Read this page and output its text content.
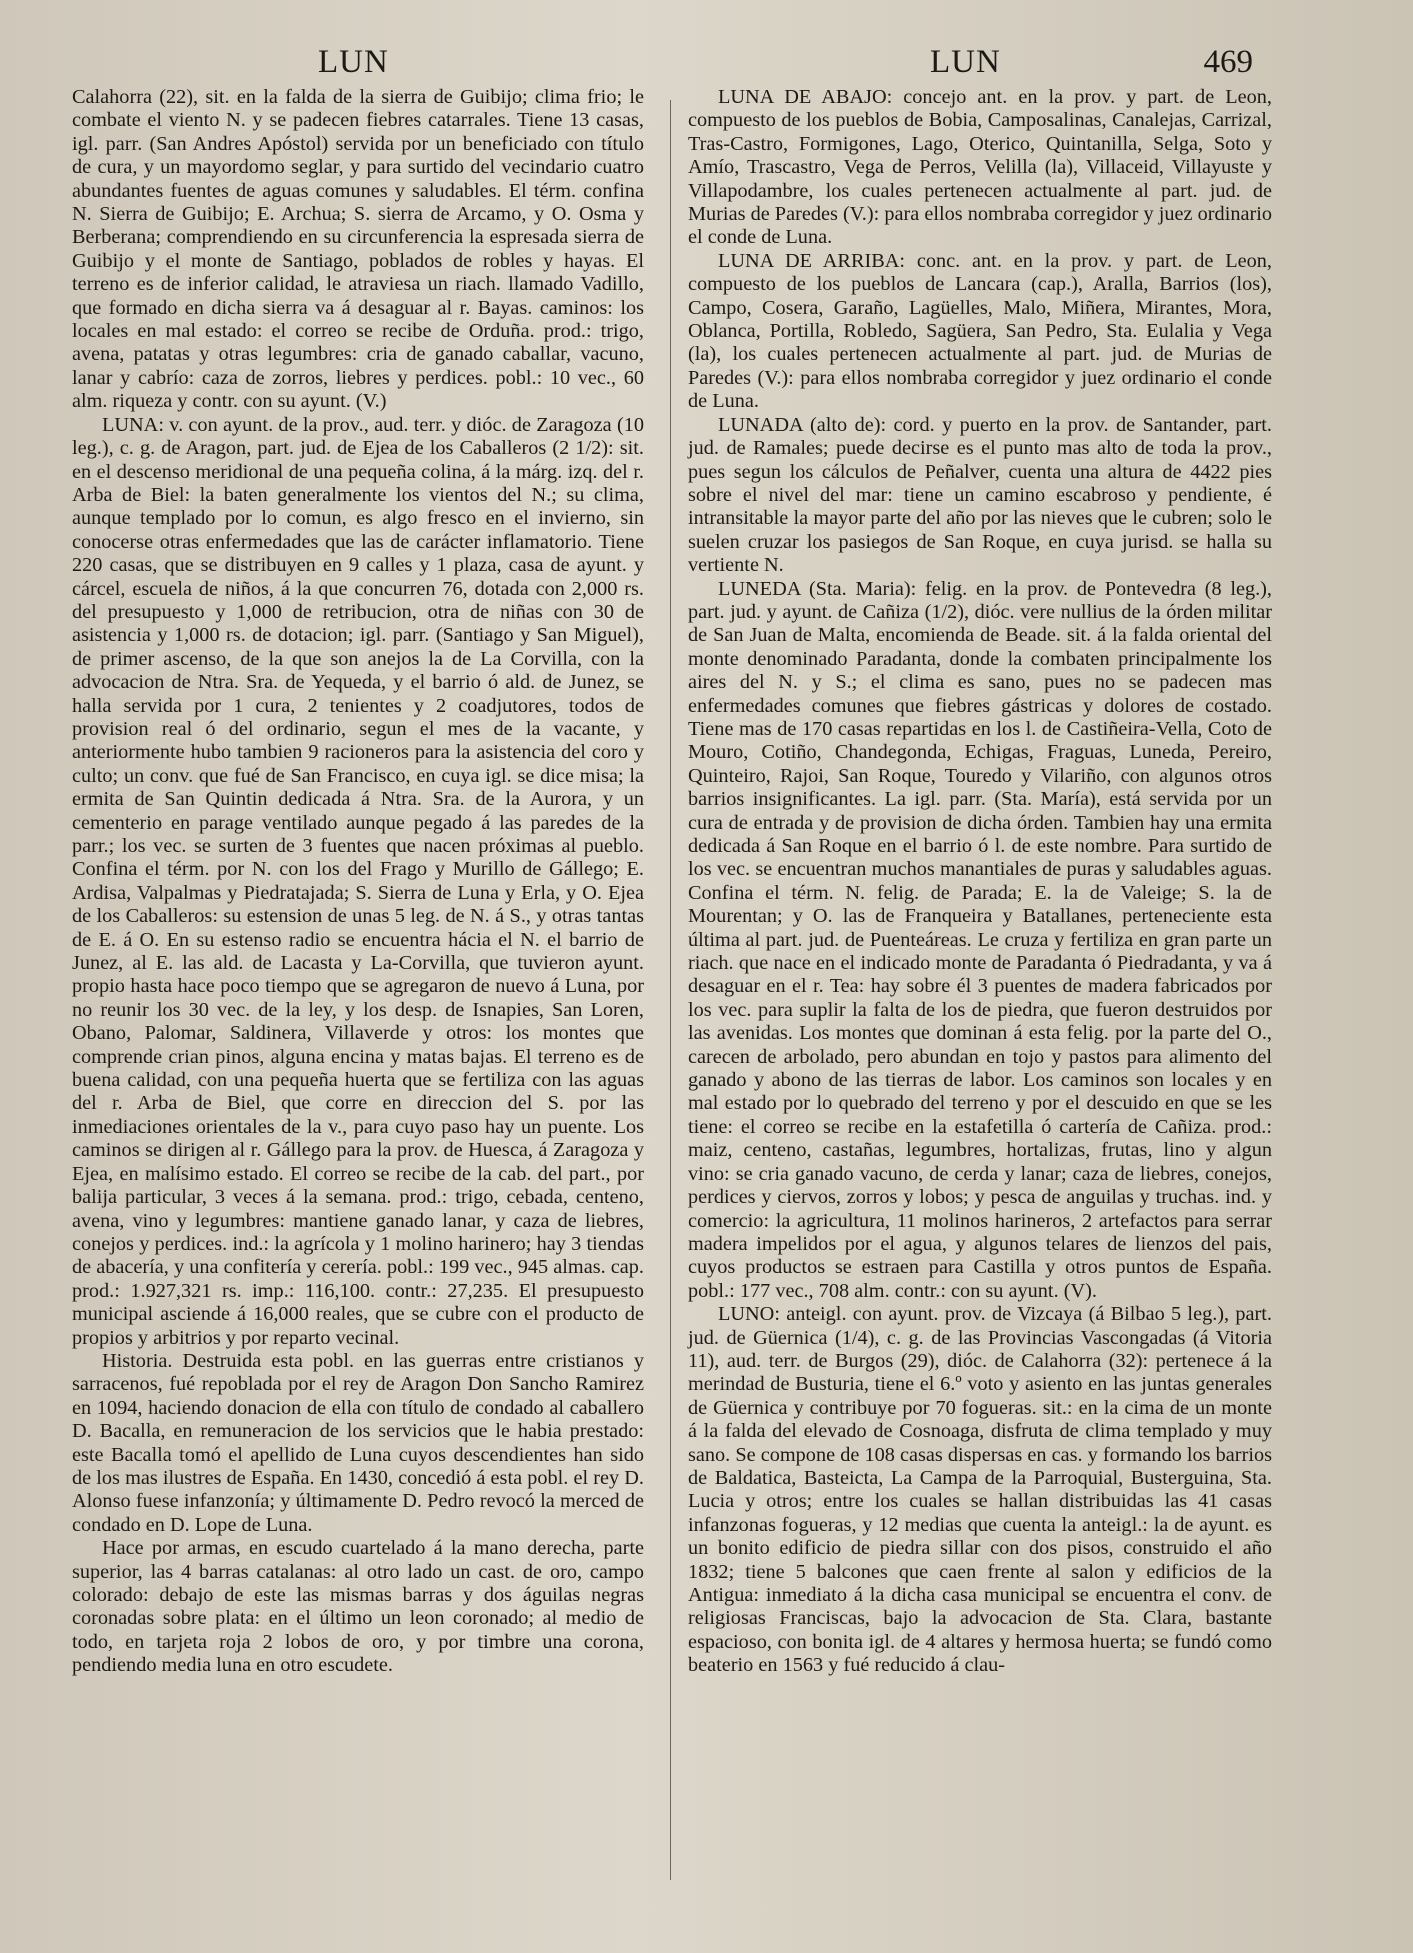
LUN	LUN	469

Calahorra (22), sit. en la falda de la sierra de Guibijo; clima frio; le combate el viento N. y se padecen fiebres catarrales. Tiene 13 casas, igl. parr. (San Andres Apóstol) servida por un beneficiado con título de cura, y un mayordomo seglar, y para surtido del vecindario cuatro abundantes fuentes de aguas comunes y saludables. El térm. confina N. Sierra de Guibijo; E. Archua; S. sierra de Arcamo, y O. Osma y Berberana; comprendiendo en su circunferencia la espresada sierra de Guibijo y el monte de Santiago, poblados de robles y hayas. El terreno es de inferior calidad, le atraviesa un riach. llamado Vadillo, que formado en dicha sierra va á desaguar al r. Bayas. caminos: los locales en mal estado: el correo se recibe de Orduña. prod.: trigo, avena, patatas y otras legumbres: cria de ganado caballar, vacuno, lanar y cabrío: caza de zorros, liebres y perdices. pobl.: 10 vec., 60 alm. riqueza y contr. con su ayunt. (V.)

LUNA: v. con ayunt. de la prov., aud. terr. y dióc. de Zaragoza (10 leg.), c. g. de Aragon, part. jud. de Ejea de los Caballeros (2 1/2): sit. en el descenso meridional de una pequeña colina, á la márg. izq. del r. Arba de Biel: la baten generalmente los vientos del N.; su clima, aunque templado por lo comun, es algo fresco en el invierno, sin conocerse otras enfermedades que las de carácter inflamatorio. Tiene 220 casas, que se distribuyen en 9 calles y 1 plaza, casa de ayunt. y cárcel, escuela de niños, á la que concurren 76, dotada con 2,000 rs. del presupuesto y 1,000 de retribucion, otra de niñas con 30 de asistencia y 1,000 rs. de dotacion; igl. parr. (Santiago y San Miguel), de primer ascenso, de la que son anejos la de La Corvilla, con la advocacion de Ntra. Sra. de Yequeda, y el barrio ó ald. de Junez, se halla servida por 1 cura, 2 tenientes y 2 coadjutores, todos de provision real ó del ordinario, segun el mes de la vacante, y anteriormente hubo tambien 9 racioneros para la asistencia del coro y culto; un conv. que fué de San Francisco, en cuya igl. se dice misa; la ermita de San Quintin dedicada á Ntra. Sra. de la Aurora, y un cementerio en parage ventilado aunque pegado á las paredes de la parr.; los vec. se surten de 3 fuentes que nacen próximas al pueblo. Confina el térm. por N. con los del Frago y Murillo de Gállego; E. Ardisa, Valpalmas y Piedratajada; S. Sierra de Luna y Erla, y O. Ejea de los Caballeros: su estension de unas 5 leg. de N. á S., y otras tantas de E. á O. En su estenso radio se encuentra hácia el N. el barrio de Junez, al E. las ald. de Lacasta y La-Corvilla, que tuvieron ayunt. propio hasta hace poco tiempo que se agregaron de nuevo á Luna, por no reunir los 30 vec. de la ley, y los desp. de Isnapies, San Loren, Obano, Palomar, Saldinera, Villaverde y otros: los montes que comprende crian pinos, alguna encina y matas bajas. El terreno es de buena calidad, con una pequeña huerta que se fertiliza con las aguas del r. Arba de Biel, que corre en direccion del S. por las inmediaciones orientales de la v., para cuyo paso hay un puente. Los caminos se dirigen al r. Gállego para la prov. de Huesca, á Zaragoza y Ejea, en malísimo estado. El correo se recibe de la cab. del part., por balija particular, 3 veces á la semana. prod.: trigo, cebada, centeno, avena, vino y legumbres: mantiene ganado lanar, y caza de liebres, conejos y perdices. ind.: la agrícola y 1 molino harinero; hay 3 tiendas de abacería, y una confitería y cerería. pobl.: 199 vec., 945 almas. cap. prod.: 1.927,321 rs. imp.: 116,100. contr.: 27,235. El presupuesto municipal asciende á 16,000 reales, que se cubre con el producto de propios y arbitrios y por reparto vecinal.

Historia. Destruida esta pobl. en las guerras entre cristianos y sarracenos, fué repoblada por el rey de Aragon Don Sancho Ramirez en 1094, haciendo donacion de ella con título de condado al caballero D. Bacalla, en remuneracion de los servicios que le habia prestado: este Bacalla tomó el apellido de Luna cuyos descendientes han sido de los mas ilustres de España. En 1430, concedió á esta pobl. el rey D. Alonso fuese infanzonía; y últimamente D. Pedro revocó la merced de condado en D. Lope de Luna.

Hace por armas, en escudo cuartelado á la mano derecha, parte superior, las 4 barras catalanas: al otro lado un cast. de oro, campo colorado: debajo de este las mismas barras y dos águilas negras coronadas sobre plata: en el último un leon coronado; al medio de todo, en tarjeta roja 2 lobos de oro, y por timbre una corona, pendiendo media luna en otro escudete.

LUNA DE ABAJO: concejo ant. en la prov. y part. de Leon, compuesto de los pueblos de Bobia, Camposalinas, Canalejas, Carrizal, Tras-Castro, Formigones, Lago, Oterico, Quintanilla, Selga, Soto y Amío, Trascastro, Vega de Perros, Velilla (la), Villaceid, Villayuste y Villapodambre, los cuales pertenecen actualmente al part. jud. de Murias de Paredes (V.): para ellos nombraba corregidor y juez ordinario el conde de Luna.

LUNA DE ARRIBA: conc. ant. en la prov. y part. de Leon, compuesto de los pueblos de Lancara (cap.), Aralla, Barrios (los), Campo, Cosera, Garaño, Lagüelles, Malo, Miñera, Mirantes, Mora, Oblanca, Portilla, Robledo, Sagüera, San Pedro, Sta. Eulalia y Vega (la), los cuales pertenecen actualmente al part. jud. de Murias de Paredes (V.): para ellos nombraba corregidor y juez ordinario el conde de Luna.

LUNADA (alto de): cord. y puerto en la prov. de Santander, part. jud. de Ramales; puede decirse es el punto mas alto de toda la prov., pues segun los cálculos de Peñalver, cuenta una altura de 4422 pies sobre el nivel del mar: tiene un camino escabroso y pendiente, é intransitable la mayor parte del año por las nieves que le cubren; solo le suelen cruzar los pasiegos de San Roque, en cuya jurisd. se halla su vertiente N.

LUNEDA (Sta. Maria): felig. en la prov. de Pontevedra (8 leg.), part. jud. y ayunt. de Cañiza (1/2), dióc. vere nullius de la órden militar de San Juan de Malta, encomienda de Beade. sit. á la falda oriental del monte denominado Paradanta, donde la combaten principalmente los aires del N. y S.; el clima es sano, pues no se padecen mas enfermedades comunes que fiebres gástricas y dolores de costado. Tiene mas de 170 casas repartidas en los l. de Castiñeira-Vella, Coto de Mouro, Cotiño, Chandegonda, Echigas, Fraguas, Luneda, Pereiro, Quinteiro, Rajoi, San Roque, Touredo y Vilariño, con algunos otros barrios insignificantes. La igl. parr. (Sta. María), está servida por un cura de entrada y de provision de dicha órden. Tambien hay una ermita dedicada á San Roque en el barrio ó l. de este nombre. Para surtido de los vec. se encuentran muchos manantiales de puras y saludables aguas. Confina el térm. N. felig. de Parada; E. la de Valeige; S. la de Mourentan; y O. las de Franqueira y Batallanes, perteneciente esta última al part. jud. de Puenteáreas. Le cruza y fertiliza en gran parte un riach. que nace en el indicado monte de Paradanta ó Piedradanta, y va á desaguar en el r. Tea: hay sobre él 3 puentes de madera fabricados por los vec. para suplir la falta de los de piedra, que fueron destruidos por las avenidas. Los montes que dominan á esta felig. por la parte del O., carecen de arbolado, pero abundan en tojo y pastos para alimento del ganado y abono de las tierras de labor. Los caminos son locales y en mal estado por lo quebrado del terreno y por el descuido en que se les tiene: el correo se recibe en la estafetilla ó cartería de Cañiza. prod.: maiz, centeno, castañas, legumbres, hortalizas, frutas, lino y algun vino: se cria ganado vacuno, de cerda y lanar; caza de liebres, conejos, perdices y ciervos, zorros y lobos; y pesca de anguilas y truchas. ind. y comercio: la agricultura, 11 molinos harineros, 2 artefactos para serrar madera impelidos por el agua, y algunos telares de lienzos del pais, cuyos productos se estraen para Castilla y otros puntos de España. pobl.: 177 vec., 708 alm. contr.: con su ayunt. (V).

LUNO: anteigl. con ayunt. prov. de Vizcaya (á Bilbao 5 leg.), part. jud. de Güernica (1/4), c. g. de las Provincias Vascongadas (á Vitoria 11), aud. terr. de Burgos (29), dióc. de Calahorra (32): pertenece á la merindad de Busturia, tiene el 6.º voto y asiento en las juntas generales de Güernica y contribuye por 70 fogueras. sit.: en la cima de un monte á la falda del elevado de Cosnoaga, disfruta de clima templado y muy sano. Se compone de 108 casas dispersas en cas. y formando los barrios de Baldatica, Basteicta, La Campa de la Parroquial, Busterguina, Sta. Lucia y otros; entre los cuales se hallan distribuidas las 41 casas infanzonas fogueras, y 12 medias que cuenta la anteigl.: la de ayunt. es un bonito edificio de piedra sillar con dos pisos, construido el año 1832; tiene 5 balcones que caen frente al salon y edificios de la Antigua: inmediato á la dicha casa municipal se encuentra el conv. de religiosas Franciscas, bajo la advocacion de Sta. Clara, bastante espacioso, con bonita igl. de 4 altares y hermosa huerta; se fundó como beaterio en 1563 y fué reducido á clau-
